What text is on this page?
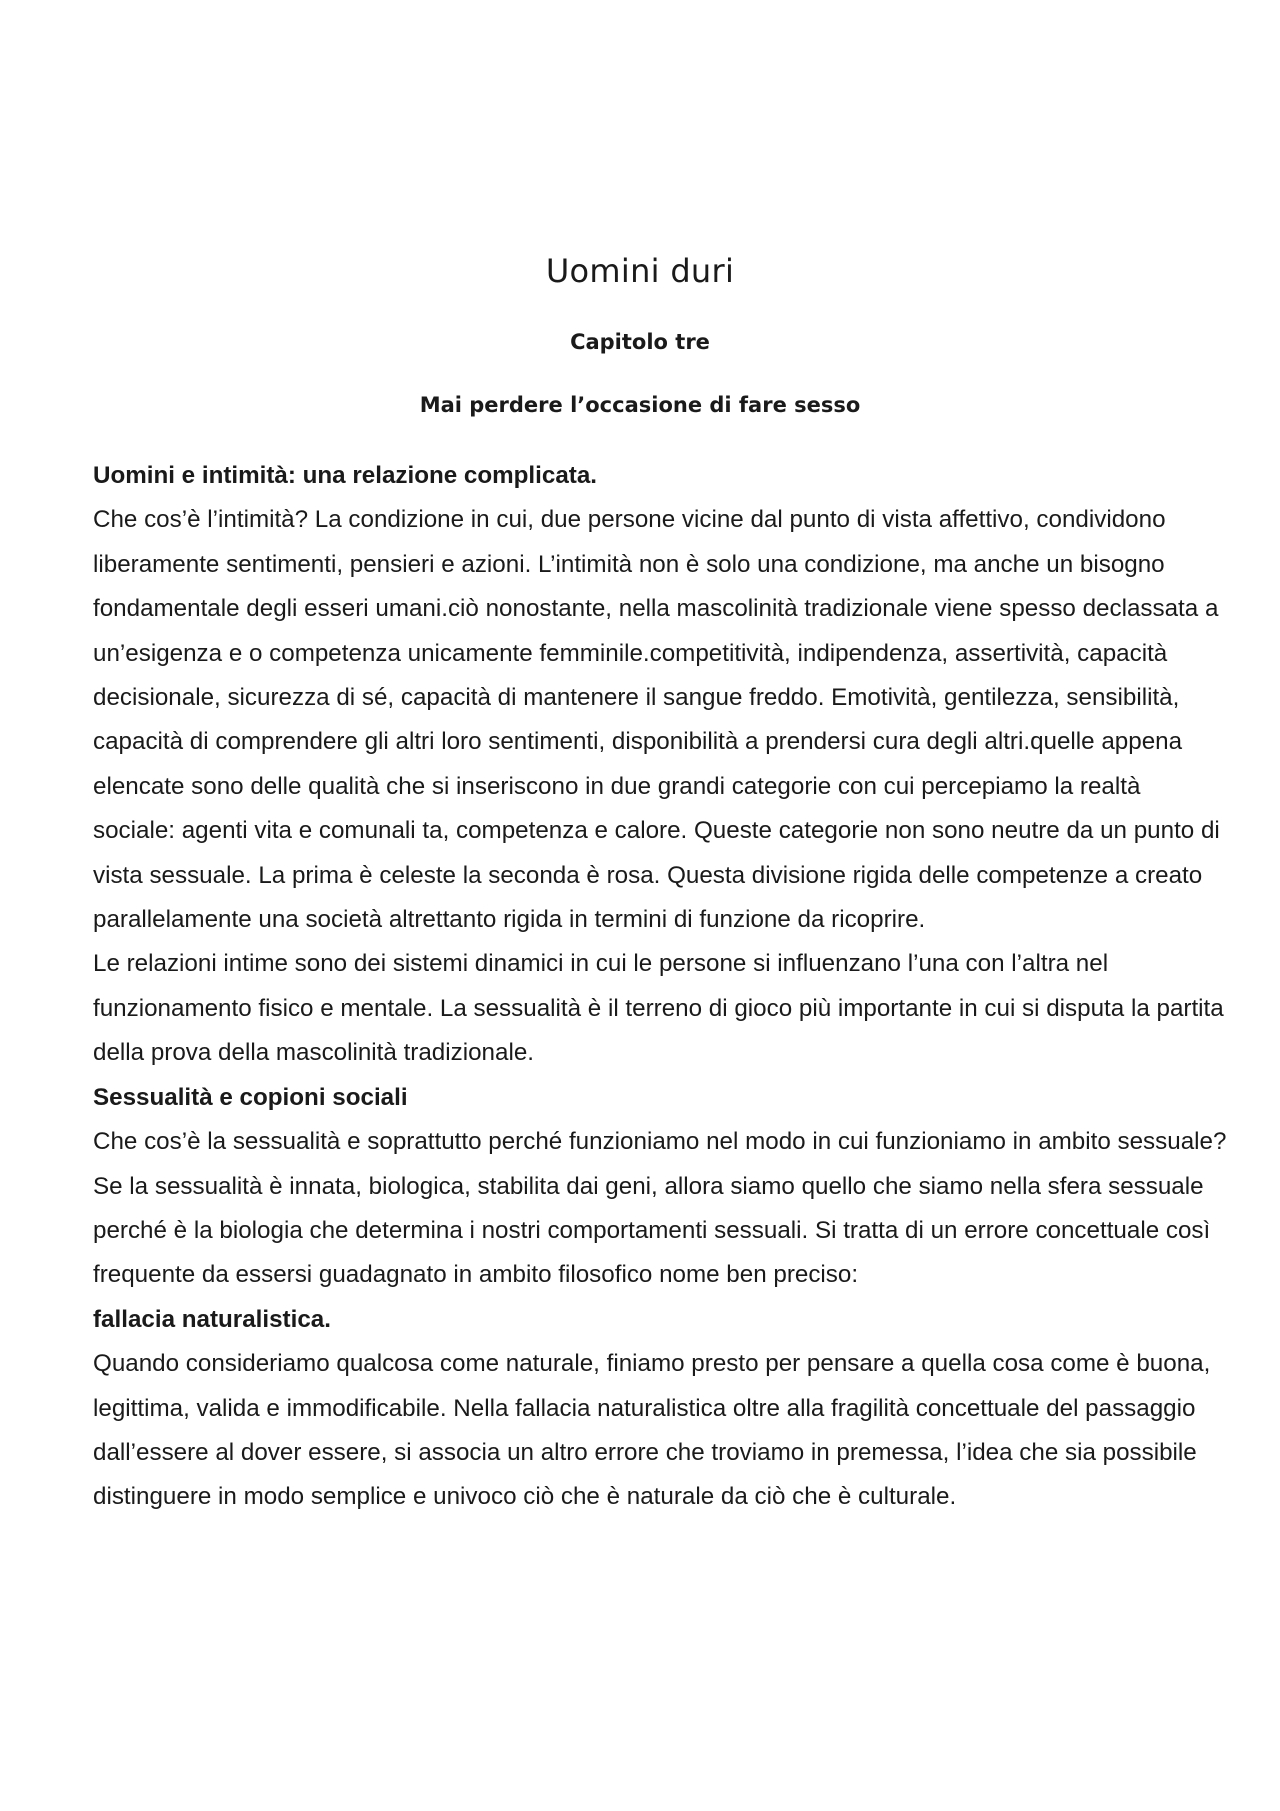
Uomini duri
Capitolo tre
Mai perdere l’occasione di fare sesso

Uomini e intimità: una relazione complicata.

Che cos’è l’intimità? La condizione in cui, due persone vicine dal punto di vista affettivo, condividono liberamente sentimenti, pensieri e azioni. L’intimità non è solo una condizione, ma anche un bisogno fondamentale degli esseri umani.ciò nonostante, nella mascolinità tradizionale viene spesso declassata a un’esigenza e o competenza unicamente femminile.competitività, indipendenza, assertività, capacità decisionale, sicurezza di sé, capacità di mantenere il sangue freddo. Emotività, gentilezza, sensibilità, capacità di comprendere gli altri loro sentimenti, disponibilità a prendersi cura degli altri.quelle appena elencate sono delle qualità che si inseriscono in due grandi categorie con cui percepiamo la realtà sociale: agenti vita e comunali ta, competenza e calore. Queste categorie non sono neutre da un punto di vista sessuale. La prima è celeste la seconda è rosa. Questa divisione rigida delle competenze a creato parallelamente una società altrettanto rigida in termini di funzione da ricoprire.

Le relazioni intime sono dei sistemi dinamici in cui le persone si influenzano l’una con l’altra nel funzionamento fisico e mentale. La sessualità è il terreno di gioco più importante in cui si disputa la partita della prova della mascolinità tradizionale.

Sessualità e copioni sociali

Che cos’è la sessualità e soprattutto perché funzioniamo nel modo in cui funzioniamo in ambito sessuale? Se la sessualità è innata, biologica, stabilita dai geni, allora siamo quello che siamo nella sfera sessuale perché è la biologia che determina i nostri comportamenti sessuali. Si tratta di un errore concettuale così frequente da essersi guadagnato in ambito filosofico nome ben preciso:

fallacia naturalistica.

Quando consideriamo qualcosa come naturale, finiamo presto per pensare a quella cosa come è buona, legittima, valida e immodificabile. Nella fallacia naturalistica oltre alla fragilità concettuale del passaggio dall’essere al dover essere, si associa un altro errore che troviamo in premessa, l’idea che sia possibile distinguere in modo semplice e univoco ciò che è naturale da ciò che è culturale.
